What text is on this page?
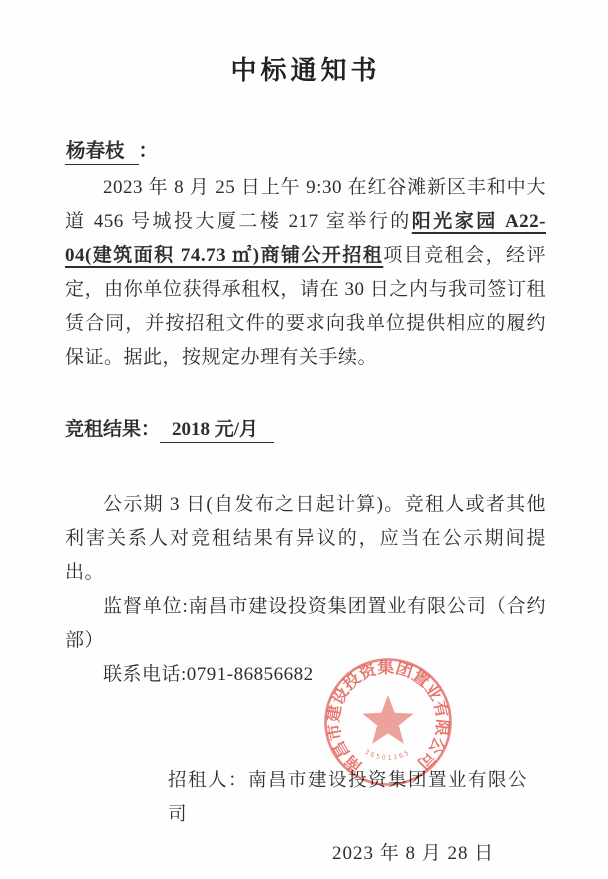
中标通知书
杨春枝 ：

2023 年 8 月 25 日上午 9:30 在红谷滩新区丰和中大道 456 号城投大厦二楼 217 室举行的阳光家园 A22-04(建筑面积 74.73 ㎡)商铺公开招租项目竞租会，经评定，由你单位获得承租权，请在 30 日之内与我司签订租赁合同，并按招租文件的要求向我单位提供相应的履约保证。据此，按规定办理有关手续。

竞租结果： 2018 元/月

公示期 3 日(自发布之日起计算)。竞租人或者其他利害关系人对竞租结果有异议的，应当在公示期间提出。

监督单位:南昌市建设投资集团置业有限公司（合约部）

联系电话:0791-86856682

招租人：南昌市建设投资集团置业有限公司
2023 年 8 月 28 日
南昌市建设投资集团置业有限公司
36501165
